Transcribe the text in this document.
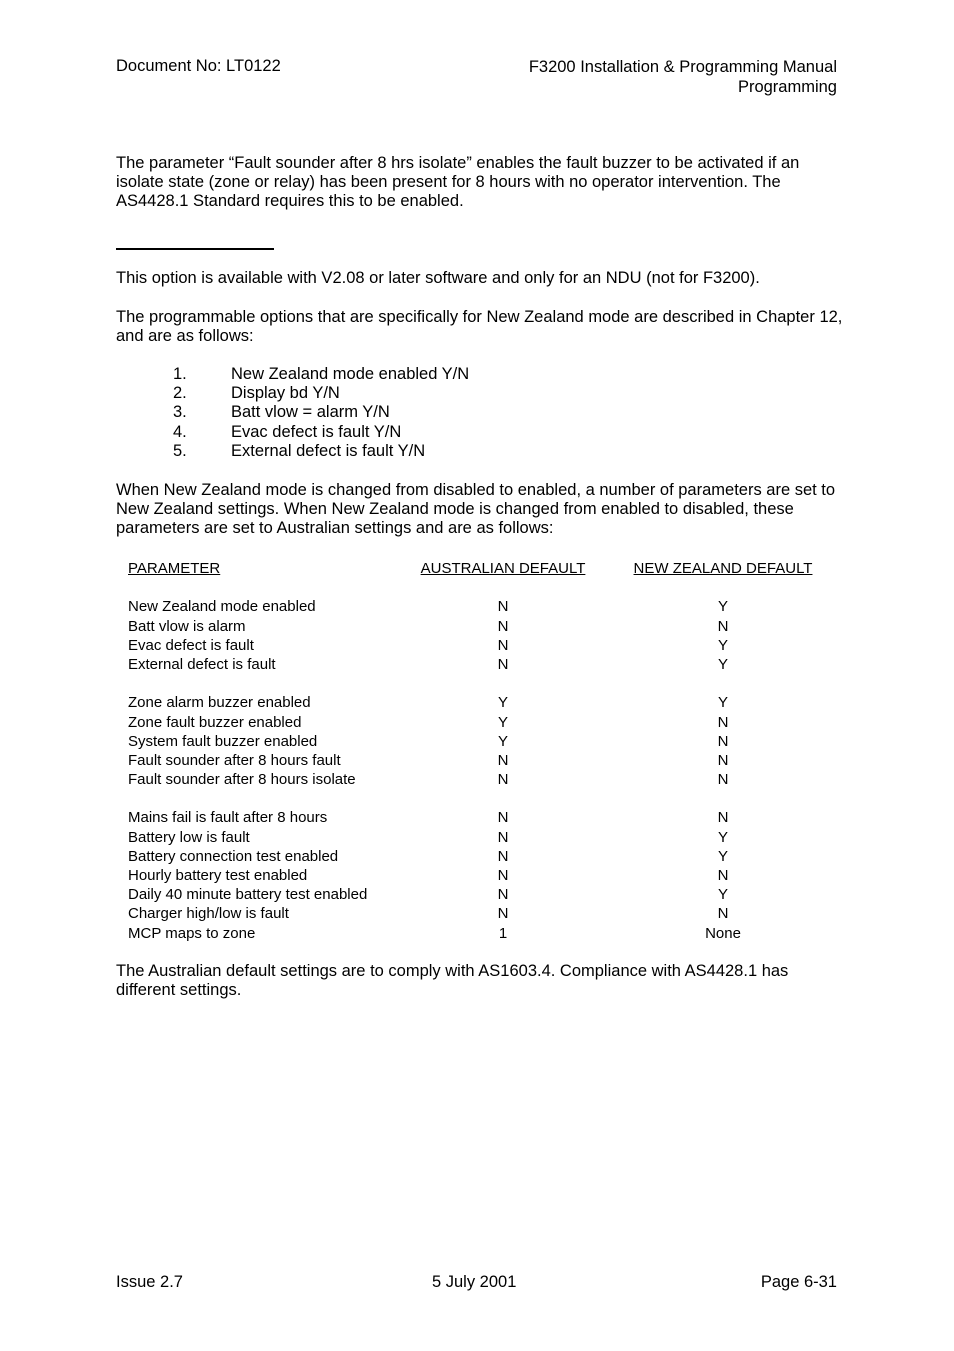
Document No: LT0122	F3200 Installation & Programming Manual
Programming
The parameter “Fault sounder after 8 hrs isolate” enables the fault buzzer to be activated if an isolate state (zone or relay) has been present for 8 hours with no operator intervention. The AS4428.1 Standard requires this to be enabled.
This option is available with V2.08 or later software and only for an NDU (not for F3200).
The programmable options that are specifically for New Zealand mode are described in Chapter 12, and are as follows:
1.	New Zealand mode enabled Y/N
2.	Display bd Y/N
3.	Batt vlow = alarm Y/N
4.	Evac defect is fault Y/N
5.	External defect is fault Y/N
When New Zealand mode is changed from disabled to enabled, a number of parameters are set to New Zealand settings. When New Zealand mode is changed from enabled to disabled, these parameters are set to Australian settings and are as follows:
PARAMETER	AUSTRALIAN DEFAULT	NEW ZEALAND DEFAULT
New Zealand mode enabled	N	Y
Batt vlow is alarm	N	N
Evac defect is fault	N	Y
External defect is fault	N	Y
Zone alarm buzzer enabled	Y	Y
Zone fault buzzer enabled	Y	N
System fault buzzer enabled	Y	N
Fault sounder after 8 hours fault	N	N
Fault sounder after 8 hours isolate	N	N
Mains fail is fault after 8 hours	N	N
Battery low is fault	N	Y
Battery connection test enabled	N	Y
Hourly battery test enabled	N	N
Daily 40 minute battery test enabled	N	Y
Charger high/low is fault	N	N
MCP maps to zone	1	None
The Australian default settings are to comply with AS1603.4. Compliance with AS4428.1 has different settings.
Issue 2.7	5 July 2001	Page 6-31
